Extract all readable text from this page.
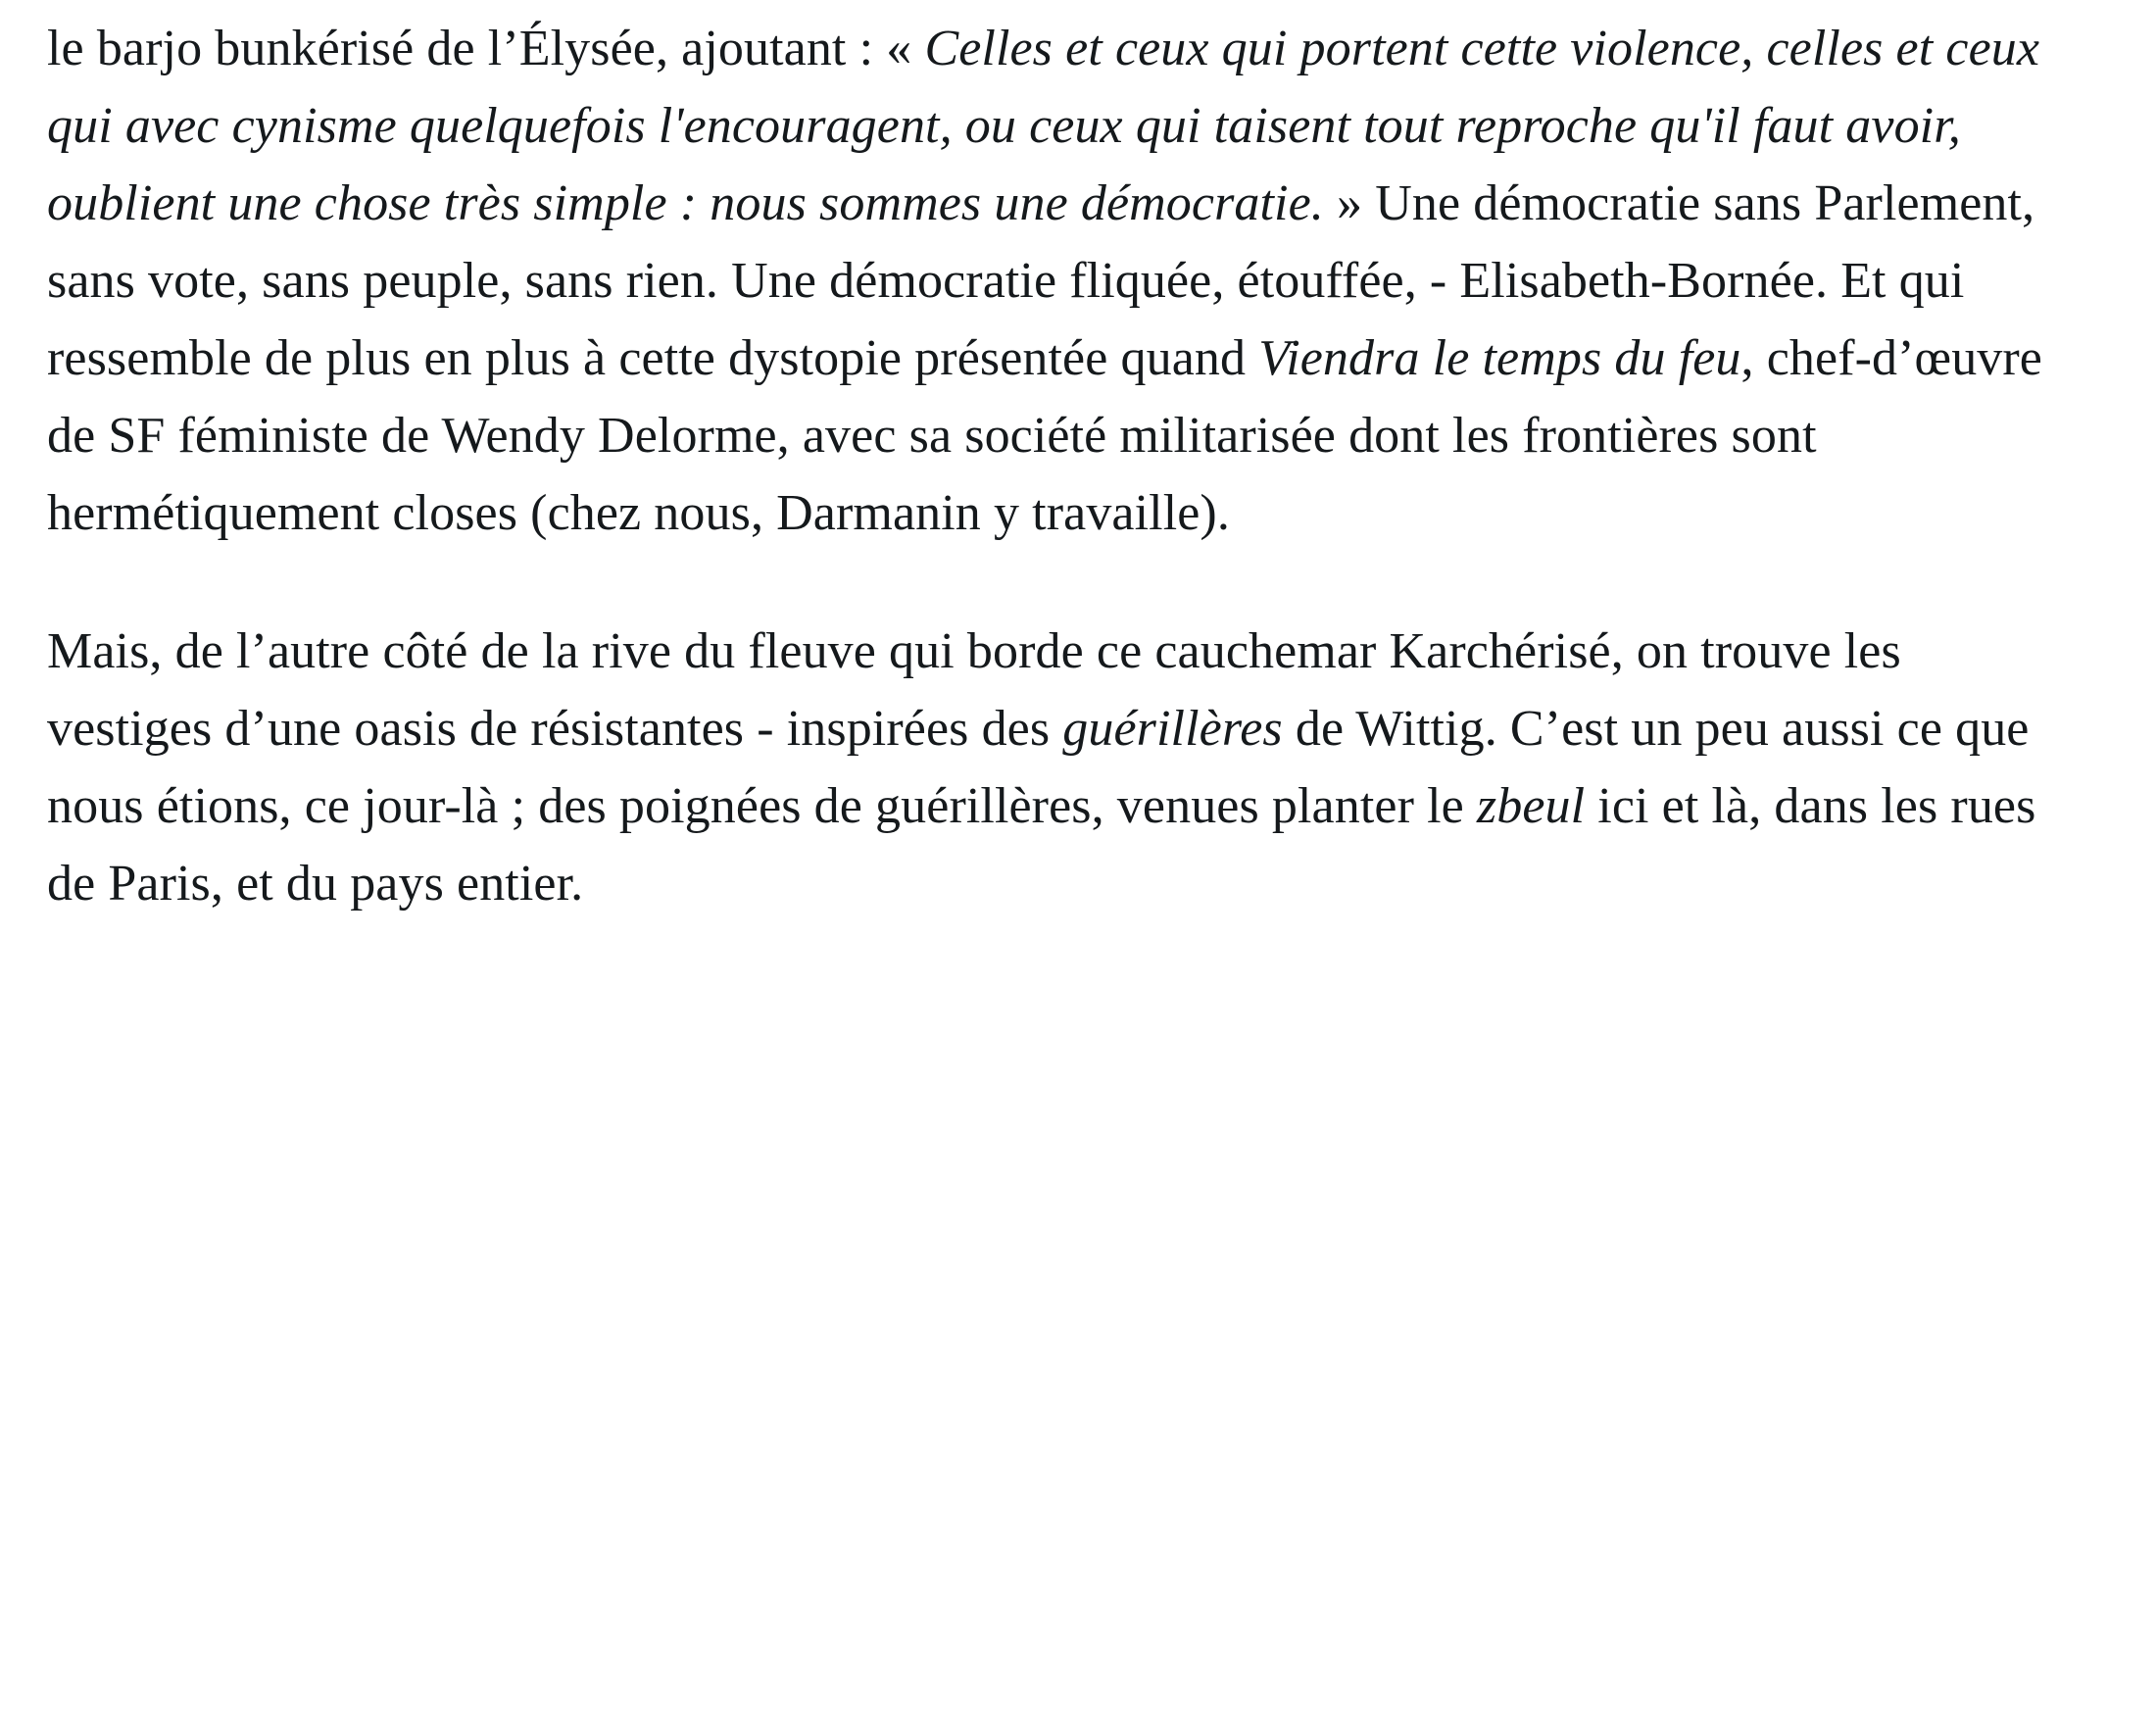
le barjo bunkérisé de l’Élysée, ajoutant : « Celles et ceux qui portent cette violence, celles et ceux qui avec cynisme quelquefois l'encouragent, ou ceux qui taisent tout reproche qu'il faut avoir, oublient une chose très simple : nous sommes une démocratie. » Une démocratie sans Parlement, sans vote, sans peuple, sans rien. Une démocratie fliquée, étouffée, - Elisabeth-Bornée. Et qui ressemble de plus en plus à cette dystopie présentée quand Viendra le temps du feu, chef-d’œuvre de SF féministe de Wendy Delorme, avec sa société militarisée dont les frontières sont hermétiquement closes (chez nous, Darmanin y travaille).

Mais, de l’autre côté de la rive du fleuve qui borde ce cauchemar Karchérisé, on trouve les vestiges d’une oasis de résistantes - inspirées des guérillères de Wittig. C’est un peu aussi ce que nous étions, ce jour-là ; des poignées de guérillères, venues planter le zbeul ici et là, dans les rues de Paris, et du pays entier.
